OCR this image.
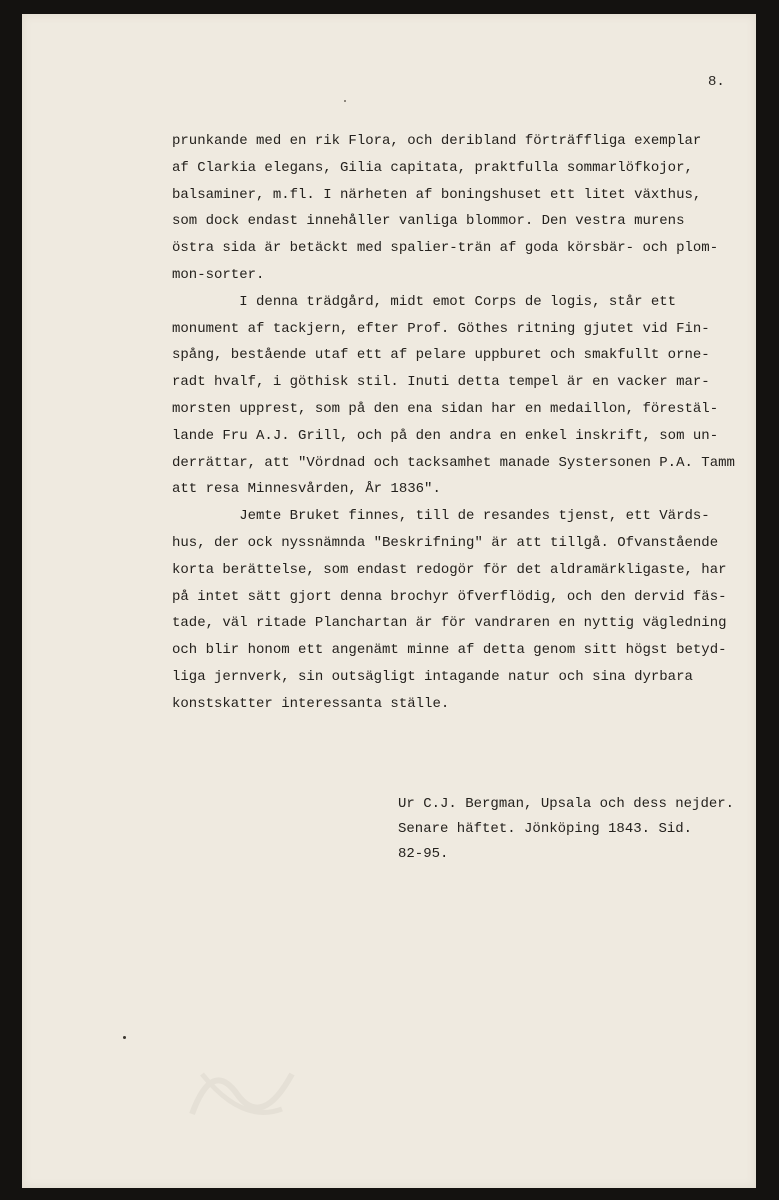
8.
prunkande med en rik Flora, och deribland förträffliga exemplar
af Clarkia elegans, Gilia capitata, praktfulla sommarlöfkojor,
balsaminer, m.fl. I närheten af boningshuset ett litet växthus,
som dock endast innehåller vanliga blommor. Den vestra murens
östra sida är betäckt med spalier-trän af goda körsbär- och plom-
mon-sorter.
I denna trädgård, midt emot Corps de logis, står ett
monument af tackjern, efter Prof. Göthes ritning gjutet vid Fin-
spång, bestående utaf ett af pelare uppburet och smakfullt orne-
radt hvalf, i göthisk stil. Inuti detta tempel är en vacker mar-
morsten upprest, som på den ena sidan har en medaillon, förestäl-
lande Fru A.J. Grill, och på den andra en enkel inskrift, som un-
derrättar, att "Vördnad och tacksamhet manade Systersonen P.A. Tamm
att resa Minnesvården, År 1836".
Jemte Bruket finnes, till de resandes tjenst, ett Värds-
hus, der ock nyssnämnda "Beskrifning" är att tillgå. Ofvanstående
korta berättelse, som endast redogör för det aldramärkligaste, har
på intet sätt gjort denna brochyr öfverflödig, och den dervid fäs-
tade, väl ritade Planchartan är för vandraren en nyttig vägledning
och blir honom ett angenämt minne af detta genom sitt högst betyd-
liga jernverk, sin outsägligt intagande natur och sina dyrbara
konstskatter interessanta ställe.
Ur C.J. Bergman, Upsala och dess nejder.
Senare häftet. Jönköping 1843. Sid.
82-95.
